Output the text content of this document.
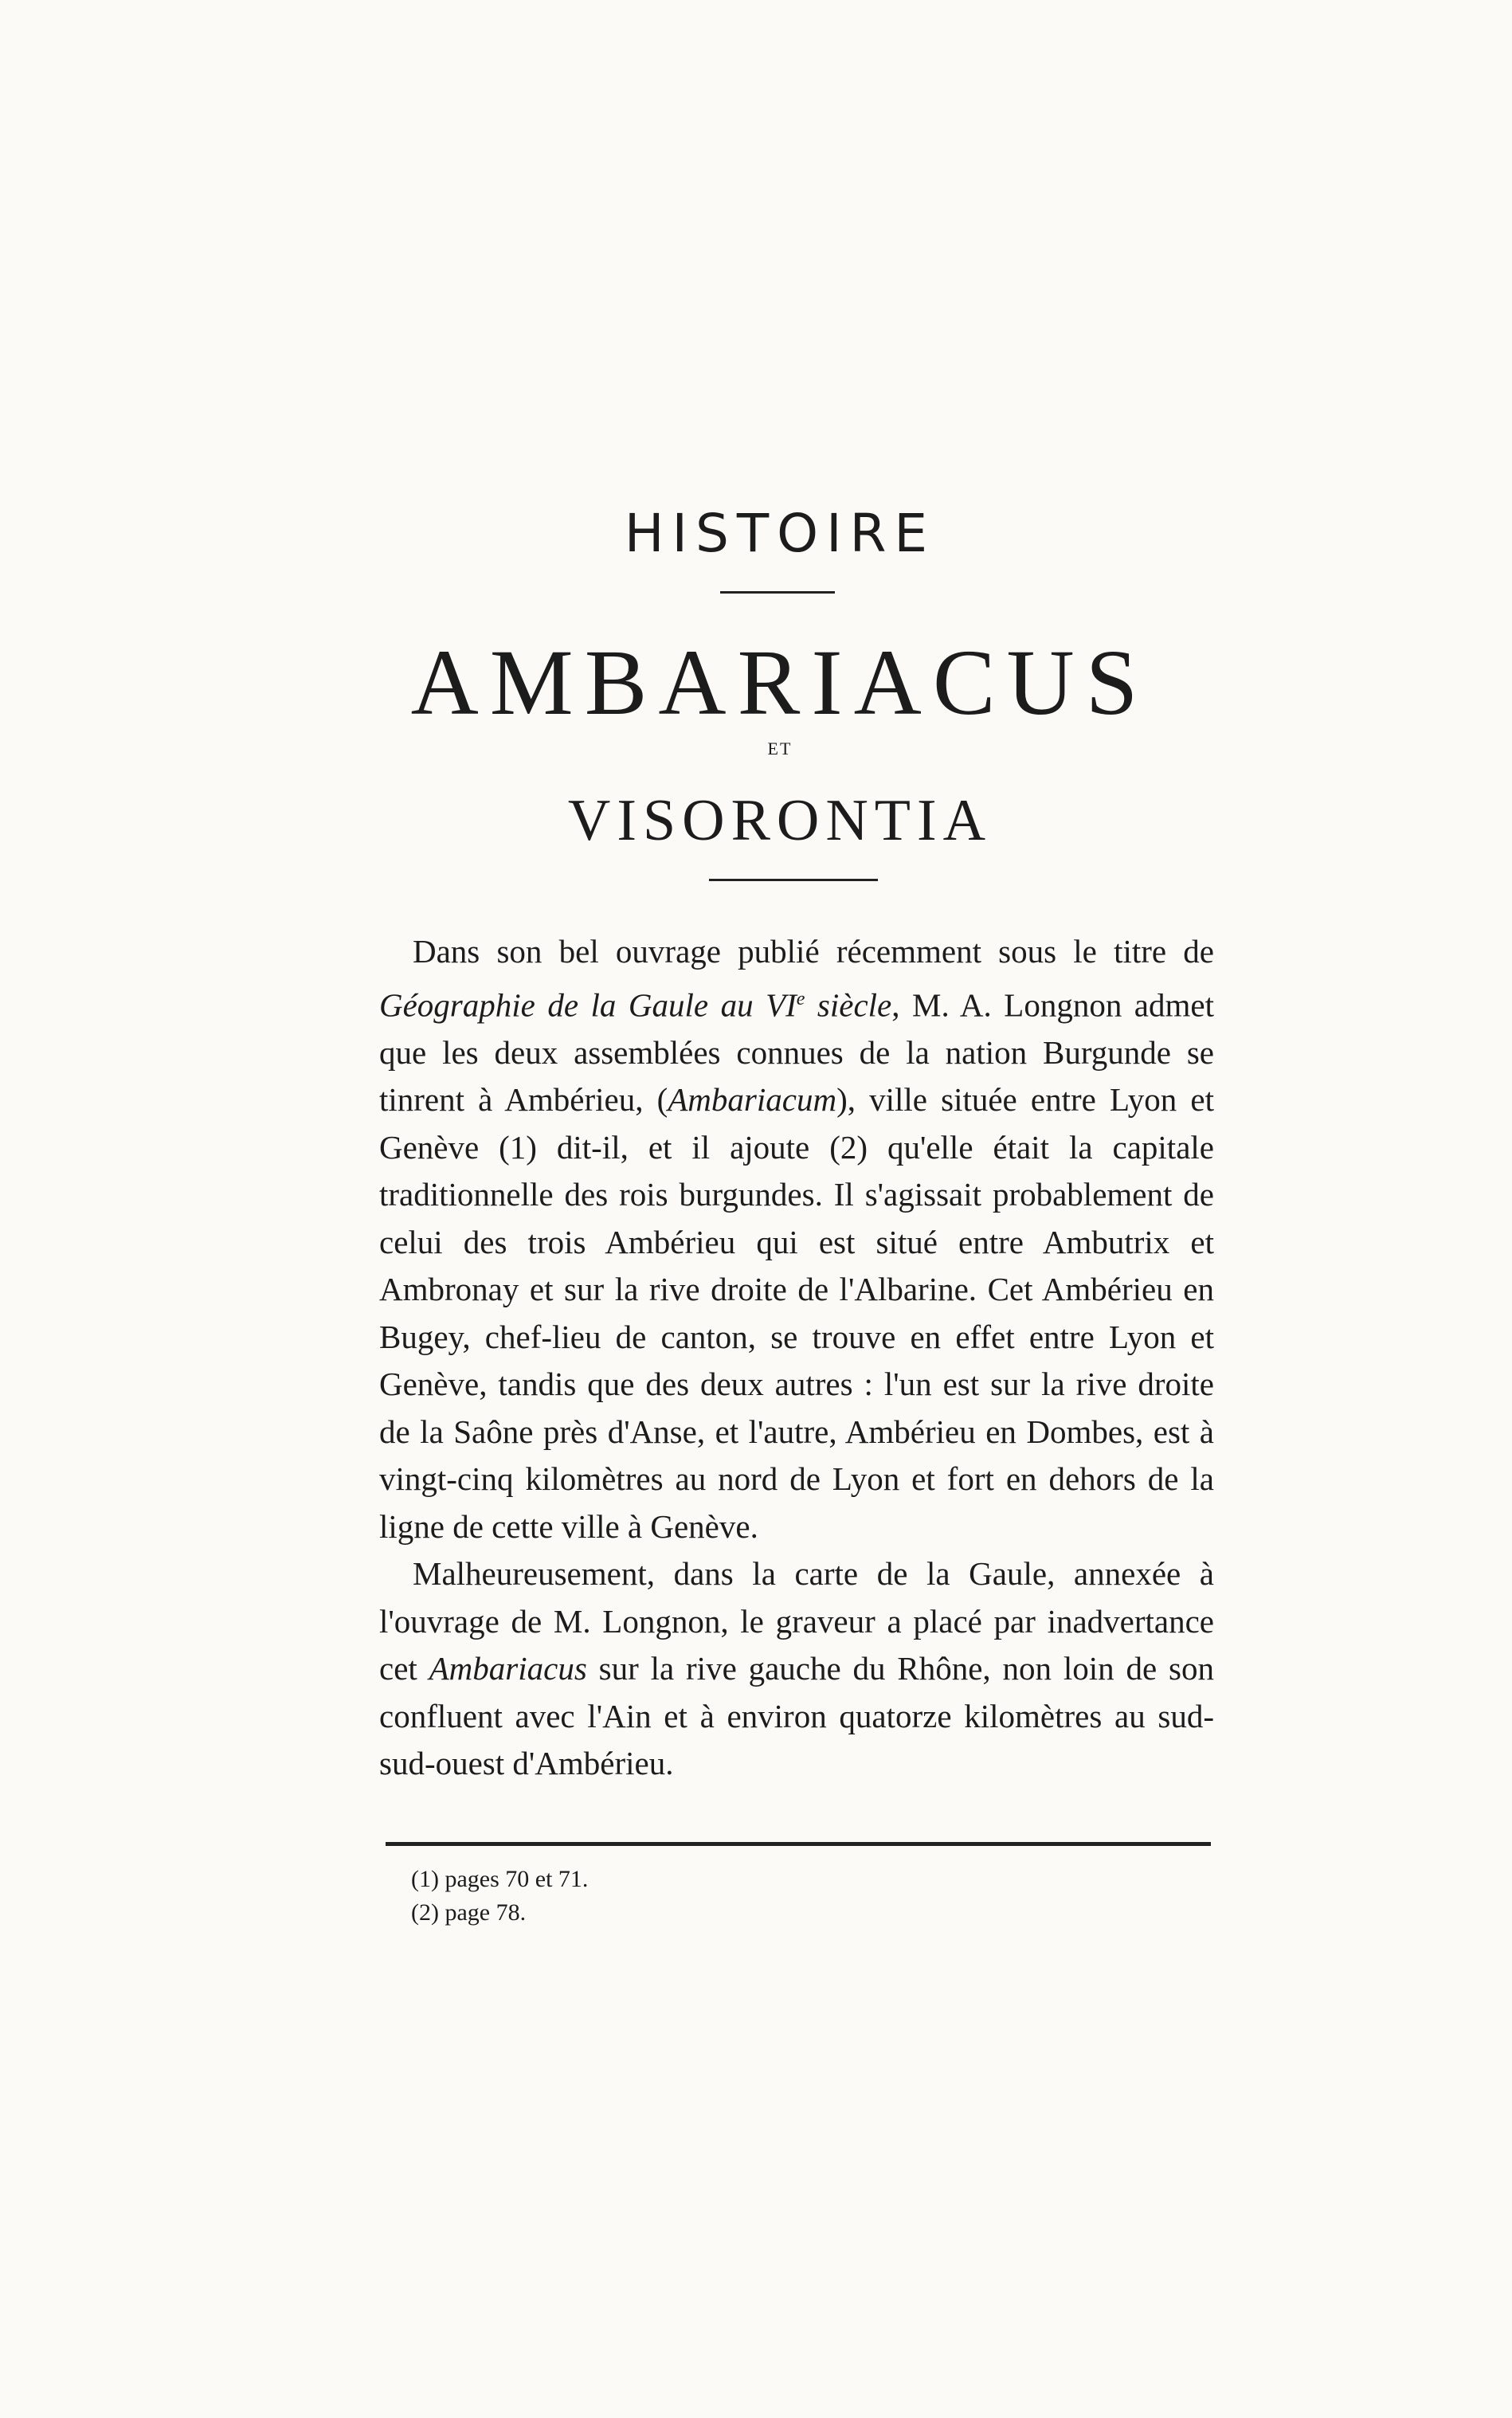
HISTOIRE
AMBARIACUS
ET
VISORONTIA

Dans son bel ouvrage publié récemment sous le titre de Géographie de la Gaule au VIe siècle, M. A. Longnon admet que les deux assemblées connues de la nation Burgunde se tinrent à Ambérieu, (Ambariacum), ville située entre Lyon et Genève (1) dit-il, et il ajoute (2) qu'elle était la capitale traditionnelle des rois burgundes. Il s'agissait probablement de celui des trois Ambérieu qui est situé entre Ambutrix et Ambronay et sur la rive droite de l'Albarine. Cet Ambérieu en Bugey, chef-lieu de canton, se trouve en effet entre Lyon et Genève, tandis que des deux autres : l'un est sur la rive droite de la Saône près d'Anse, et l'autre, Ambérieu en Dombes, est à vingt-cinq kilomètres au nord de Lyon et fort en dehors de la ligne de cette ville à Genève.

Malheureusement, dans la carte de la Gaule, annexée à l'ouvrage de M. Longnon, le graveur a placé par inadvertance cet Ambariacus sur la rive gauche du Rhône, non loin de son confluent avec l'Ain et à environ quatorze kilomètres au sud-sud-ouest d'Ambérieu.

(1) pages 70 et 71.
(2) page 78.
